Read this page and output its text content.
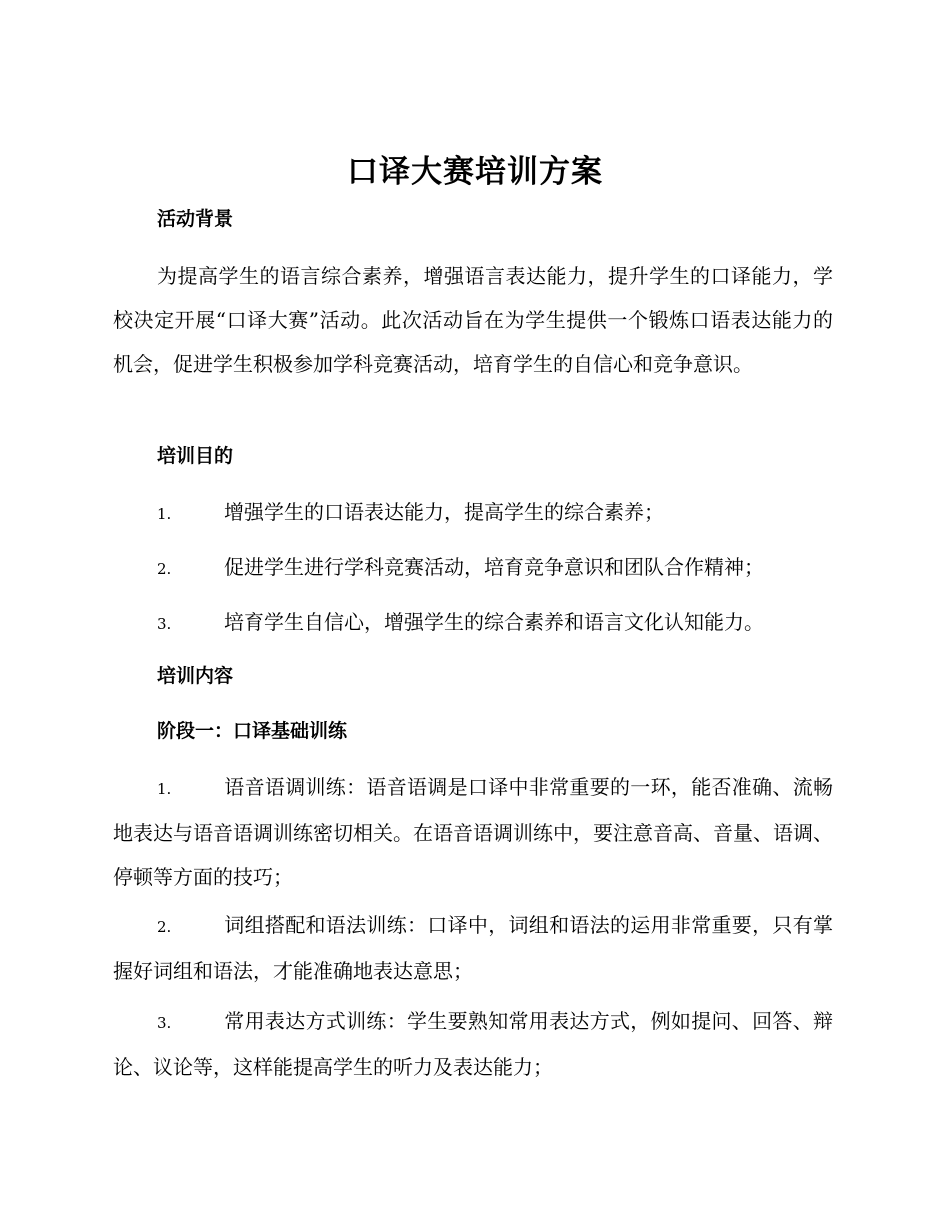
口译大赛培训方案
活动背景
为提高学生的语言综合素养，增强语言表达能力，提升学生的口译能力，学校决定开展“口译大赛”活动。此次活动旨在为学生提供一个锻炼口语表达能力的机会，促进学生积极参加学科竞赛活动，培育学生的自信心和竞争意识。
培训目的
1.	增强学生的口语表达能力，提高学生的综合素养；
2.	促进学生进行学科竞赛活动，培育竞争意识和团队合作精神；
3.	培育学生自信心，增强学生的综合素养和语言文化认知能力。
培训内容
阶段一：口译基础训练
1.	语音语调训练：语音语调是口译中非常重要的一环，能否准确、流畅地表达与语音语调训练密切相关。在语音语调训练中，要注意音高、音量、语调、停顿等方面的技巧；
2.	词组搭配和语法训练：口译中，词组和语法的运用非常重要，只有掌握好词组和语法，才能准确地表达意思；
3.	常用表达方式训练：学生要熟知常用表达方式，例如提问、回答、辩论、议论等，这样能提高学生的听力及表达能力；
